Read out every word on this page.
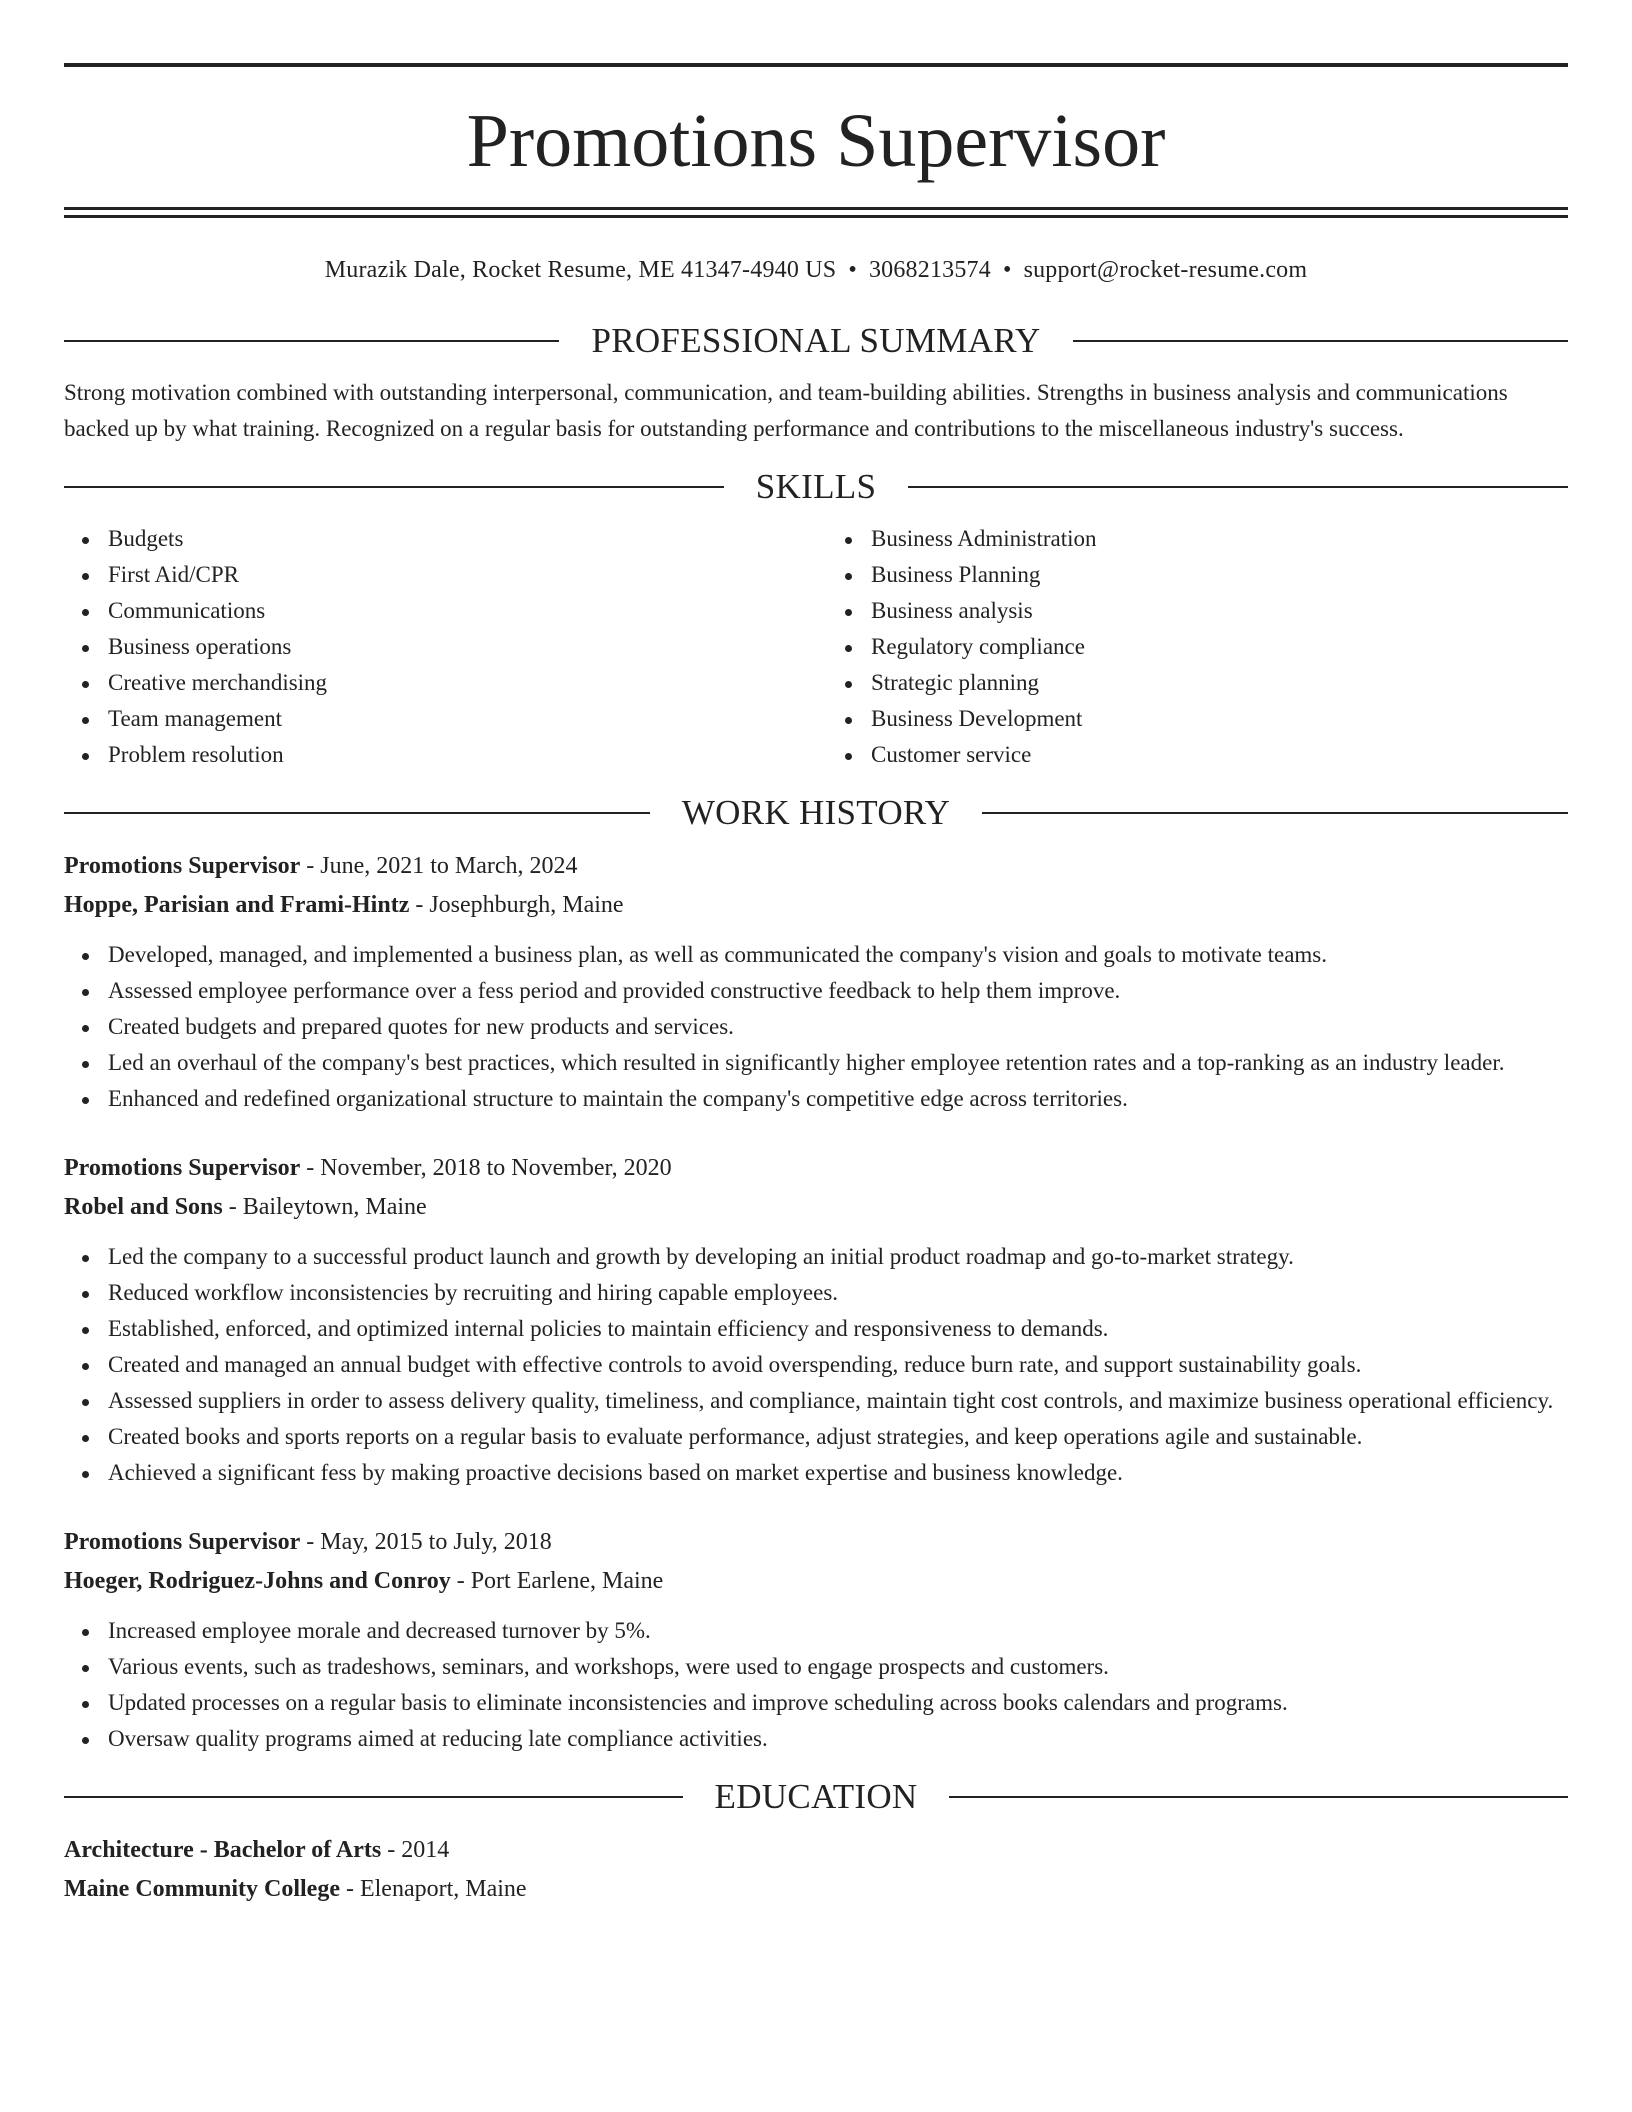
Promotions Supervisor
Murazik Dale, Rocket Resume, ME 41347-4940 US • 3068213574 • support@rocket-resume.com
PROFESSIONAL SUMMARY

Strong motivation combined with outstanding interpersonal, communication, and team-building abilities. Strengths in business analysis and communications backed up by what training. Recognized on a regular basis for outstanding performance and contributions to the miscellaneous industry's success.

SKILLS
Budgets
First Aid/CPR
Communications
Business operations
Creative merchandising
Team management
Problem resolution
Business Administration
Business Planning
Business analysis
Regulatory compliance
Strategic planning
Business Development
Customer service
WORK HISTORY
Promotions Supervisor - June, 2021 to March, 2024
Hoppe, Parisian and Frami-Hintz - Josephburgh, Maine
Developed, managed, and implemented a business plan, as well as communicated the company's vision and goals to motivate teams.
Assessed employee performance over a fess period and provided constructive feedback to help them improve.
Created budgets and prepared quotes for new products and services.
Led an overhaul of the company's best practices, which resulted in significantly higher employee retention rates and a top-ranking as an industry leader.
Enhanced and redefined organizational structure to maintain the company's competitive edge across territories.
Promotions Supervisor - November, 2018 to November, 2020
Robel and Sons - Baileytown, Maine
Led the company to a successful product launch and growth by developing an initial product roadmap and go-to-market strategy.
Reduced workflow inconsistencies by recruiting and hiring capable employees.
Established, enforced, and optimized internal policies to maintain efficiency and responsiveness to demands.
Created and managed an annual budget with effective controls to avoid overspending, reduce burn rate, and support sustainability goals.
Assessed suppliers in order to assess delivery quality, timeliness, and compliance, maintain tight cost controls, and maximize business operational efficiency.
Created books and sports reports on a regular basis to evaluate performance, adjust strategies, and keep operations agile and sustainable.
Achieved a significant fess by making proactive decisions based on market expertise and business knowledge.
Promotions Supervisor - May, 2015 to July, 2018
Hoeger, Rodriguez-Johns and Conroy - Port Earlene, Maine
Increased employee morale and decreased turnover by 5%.
Various events, such as tradeshows, seminars, and workshops, were used to engage prospects and customers.
Updated processes on a regular basis to eliminate inconsistencies and improve scheduling across books calendars and programs.
Oversaw quality programs aimed at reducing late compliance activities.
EDUCATION
Architecture - Bachelor of Arts - 2014
Maine Community College - Elenaport, Maine
